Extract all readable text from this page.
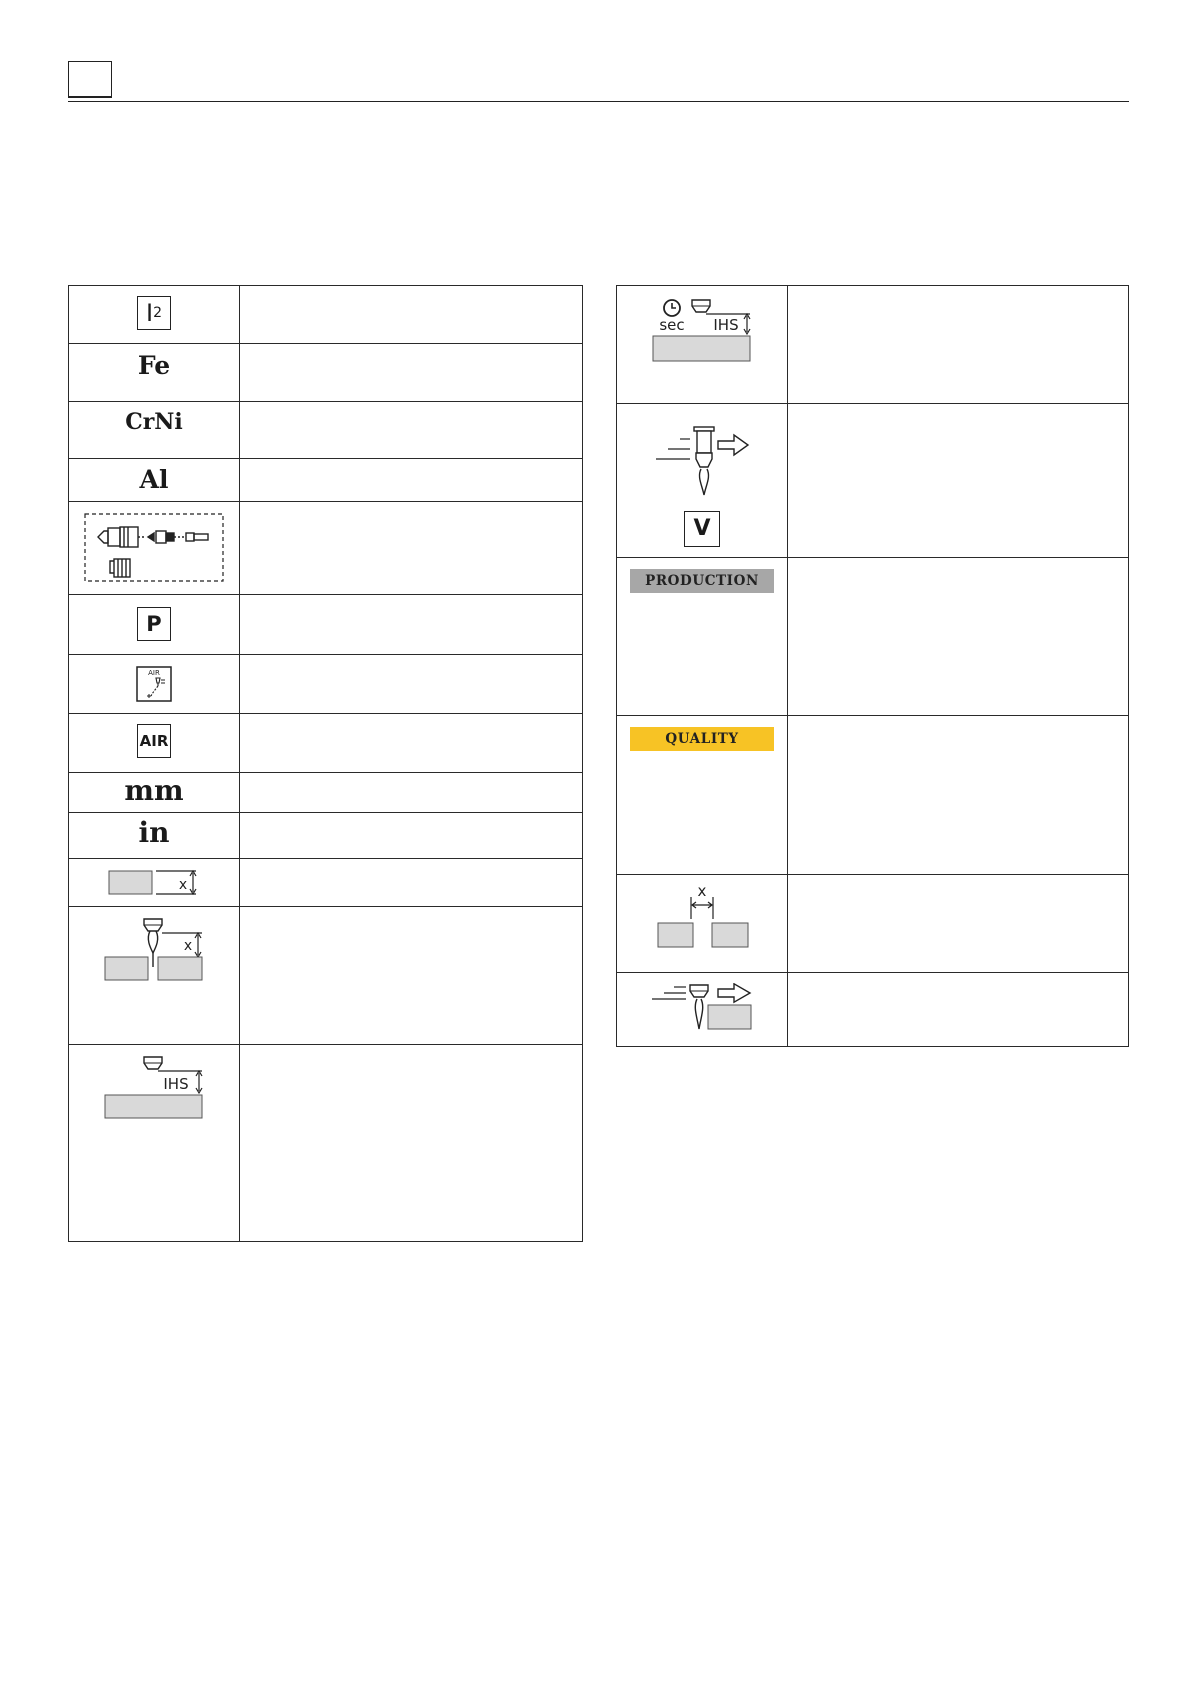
I 2	

Fe	

CrNi	

Al	

P	

AIR	

AIR	

mm	

in	

x	

x	

IHS	

sec IHS	

V	

PRODUCTION	

QUALITY	

x	
